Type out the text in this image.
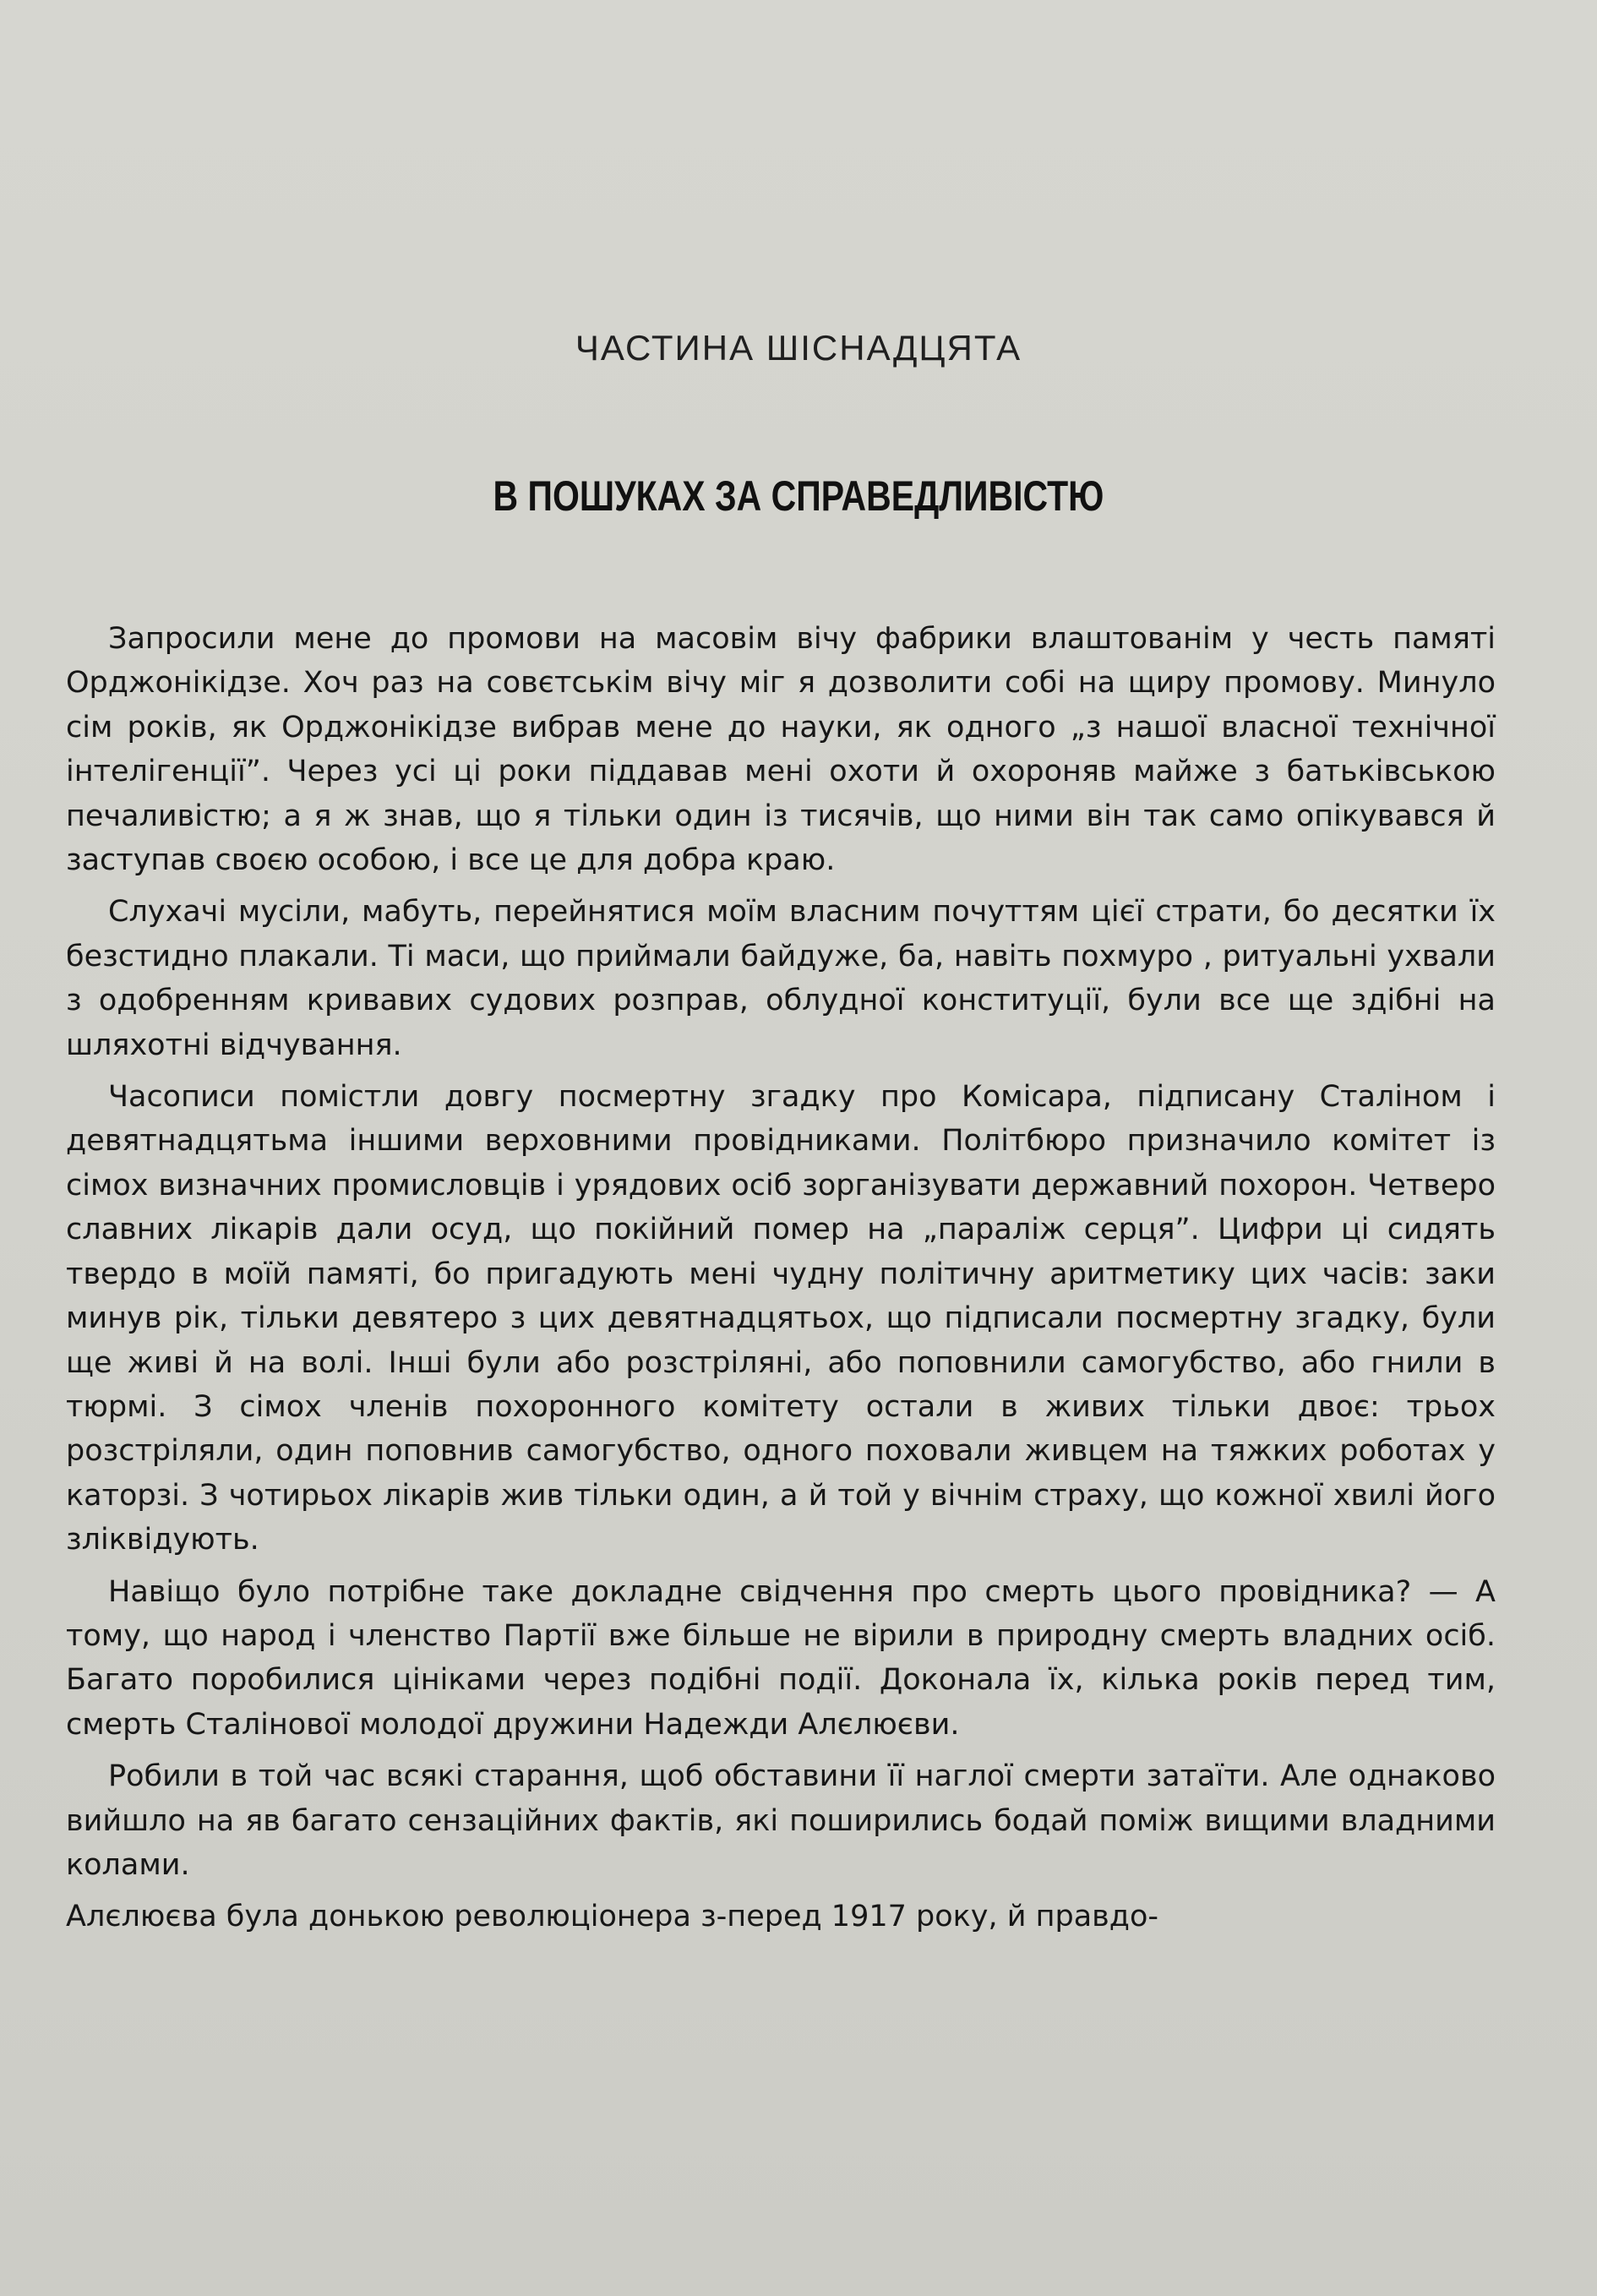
ЧАСТИНА ШІСНАДЦЯТА
В ПОШУКАХ ЗА СПРАВЕДЛИВІСТЮ

Запросили мене до промови на масовім вічу фабрики влаштованім у честь памяті Орджонікідзе. Хоч раз на совєтськім вічу міг я дозволити собі на щиру промову. Минуло сім років, як Орджонікідзе вибрав мене до науки, як одного „з нашої власної технічної інтелігенції”. Через усі ці роки піддавав мені охоти й охороняв майже з батьківською печаливістю; а я ж знав, що я тільки один із тисячів, що ними він так само опікувався й заступав своєю особою, і все це для добра краю.

Слухачі мусіли, мабуть, перейнятися моїм власним почуттям цієї страти, бо десятки їх безстидно плакали. Ті маси, що приймали байдуже, ба, навіть похмуро , ритуальні ухвали з одобренням кривавих судових розправ, облудної конституції, були все ще здібні на шляхотні відчування.

Часописи помістли довгу посмертну згадку про Комісара, підписану Сталіном і девятнадцятьма іншими верховними провідниками. Політбюро призначило комітет із сімох визначних промисловців і урядових осіб зорганізувати державний похорон. Четверо славних лікарів дали осуд, що покійний помер на „параліж серця”. Цифри ці сидять твердо в моїй памяті, бо пригадують мені чудну політичну аритметику цих часів: заки минув рік, тільки девятеро з цих девятнадцятьох, що підписали посмертну згадку, були ще живі й на волі. Інші були або розстріляні, або поповнили самогубство, або гнили в тюрмі. З сімох членів похоронного комітету остали в живих тільки двоє: трьох розстріляли, один поповнив самогубство, одного поховали живцем на тяжких роботах у каторзі. З чотирьох лікарів жив тільки один, а й той у вічнім страху, що кожної хвилі його зліквідують.

Навіщо було потрібне таке докладне свідчення про смерть цього провідника? — А тому, що народ і членство Партії вже більше не вірили в природну смерть владних осіб. Багато поробилися цініками через подібні події. Доконала їх, кілька років перед тим, смерть Сталінової молодої дружини Надежди Алєлюєви.

Робили в той час всякі старання, щоб обставини її наглої смерти затаїти. Але однаково вийшло на яв багато сензаційних фактів, які поширились бодай поміж вищими владними колами.

Алєлюєва була донькою революціонера з-перед 1917 року, й правдо-
